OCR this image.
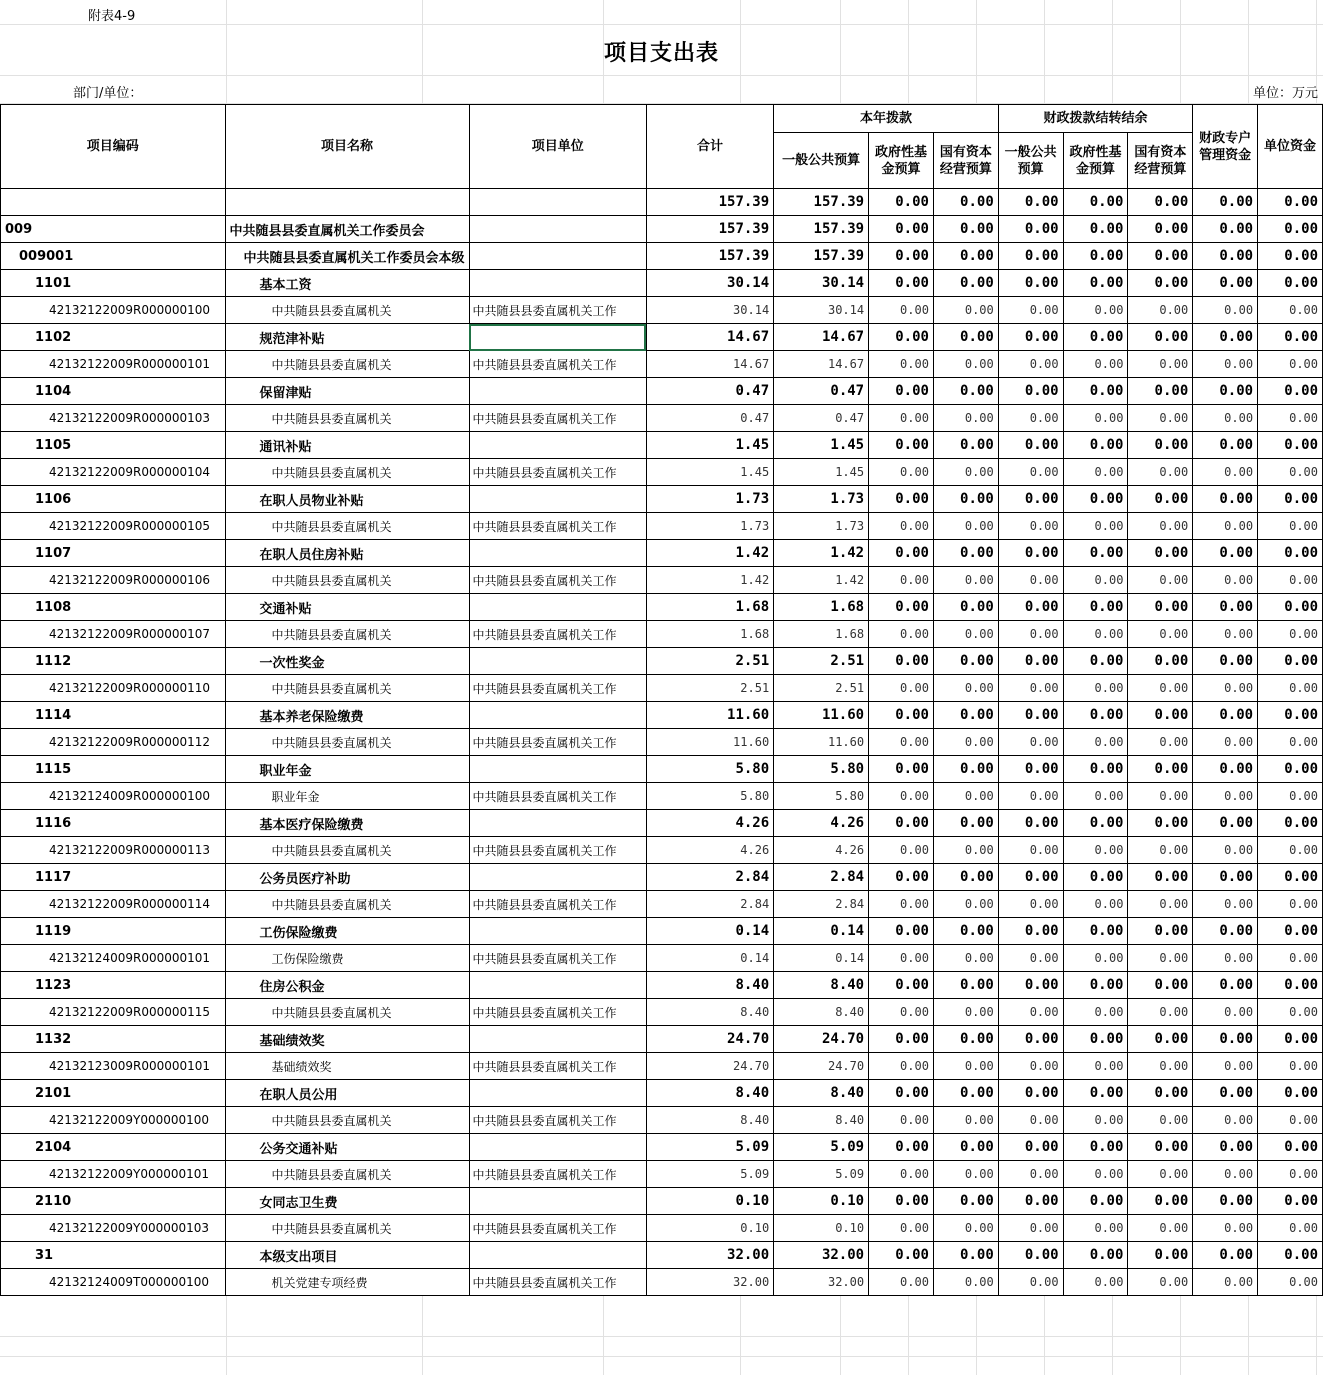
附表4-9
项目支出表
部门/单位：	单位：万元
项目编码	项目名称	项目单位	合计	本年拨款			财政拨款结转结余			财政专户管理资金	单位资金
				一般公共预算	政府性基金预算	国有资本经营预算	一般公共预算	政府性基金预算	国有资本经营预算		
			157.39	157.39	0.00	0.00	0.00	0.00	0.00	0.00	0.00
009	中共随县县委直属机关工作委员会		157.39	157.39	0.00	0.00	0.00	0.00	0.00	0.00	0.00
009001	中共随县县委直属机关工作委员会本级		157.39	157.39	0.00	0.00	0.00	0.00	0.00	0.00	0.00
1101	基本工资		30.14	30.14	0.00	0.00	0.00	0.00	0.00	0.00	0.00
42132122009R000000100	中共随县县委直属机关	中共随县县委直属机关工作	30.14	30.14	0.00	0.00	0.00	0.00	0.00	0.00	0.00
1102	规范津补贴		14.67	14.67	0.00	0.00	0.00	0.00	0.00	0.00	0.00
42132122009R000000101	中共随县县委直属机关	中共随县县委直属机关工作	14.67	14.67	0.00	0.00	0.00	0.00	0.00	0.00	0.00
1104	保留津贴		0.47	0.47	0.00	0.00	0.00	0.00	0.00	0.00	0.00
42132122009R000000103	中共随县县委直属机关	中共随县县委直属机关工作	0.47	0.47	0.00	0.00	0.00	0.00	0.00	0.00	0.00
1105	通讯补贴		1.45	1.45	0.00	0.00	0.00	0.00	0.00	0.00	0.00
42132122009R000000104	中共随县县委直属机关	中共随县县委直属机关工作	1.45	1.45	0.00	0.00	0.00	0.00	0.00	0.00	0.00
1106	在职人员物业补贴		1.73	1.73	0.00	0.00	0.00	0.00	0.00	0.00	0.00
42132122009R000000105	中共随县县委直属机关	中共随县县委直属机关工作	1.73	1.73	0.00	0.00	0.00	0.00	0.00	0.00	0.00
1107	在职人员住房补贴		1.42	1.42	0.00	0.00	0.00	0.00	0.00	0.00	0.00
42132122009R000000106	中共随县县委直属机关	中共随县县委直属机关工作	1.42	1.42	0.00	0.00	0.00	0.00	0.00	0.00	0.00
1108	交通补贴		1.68	1.68	0.00	0.00	0.00	0.00	0.00	0.00	0.00
42132122009R000000107	中共随县县委直属机关	中共随县县委直属机关工作	1.68	1.68	0.00	0.00	0.00	0.00	0.00	0.00	0.00
1112	一次性奖金		2.51	2.51	0.00	0.00	0.00	0.00	0.00	0.00	0.00
42132122009R000000110	中共随县县委直属机关	中共随县县委直属机关工作	2.51	2.51	0.00	0.00	0.00	0.00	0.00	0.00	0.00
1114	基本养老保险缴费		11.60	11.60	0.00	0.00	0.00	0.00	0.00	0.00	0.00
42132122009R000000112	中共随县县委直属机关	中共随县县委直属机关工作	11.60	11.60	0.00	0.00	0.00	0.00	0.00	0.00	0.00
1115	职业年金		5.80	5.80	0.00	0.00	0.00	0.00	0.00	0.00	0.00
42132124009R000000100	职业年金	中共随县县委直属机关工作	5.80	5.80	0.00	0.00	0.00	0.00	0.00	0.00	0.00
1116	基本医疗保险缴费		4.26	4.26	0.00	0.00	0.00	0.00	0.00	0.00	0.00
42132122009R000000113	中共随县县委直属机关	中共随县县委直属机关工作	4.26	4.26	0.00	0.00	0.00	0.00	0.00	0.00	0.00
1117	公务员医疗补助		2.84	2.84	0.00	0.00	0.00	0.00	0.00	0.00	0.00
42132122009R000000114	中共随县县委直属机关	中共随县县委直属机关工作	2.84	2.84	0.00	0.00	0.00	0.00	0.00	0.00	0.00
1119	工伤保险缴费		0.14	0.14	0.00	0.00	0.00	0.00	0.00	0.00	0.00
42132124009R000000101	工伤保险缴费	中共随县县委直属机关工作	0.14	0.14	0.00	0.00	0.00	0.00	0.00	0.00	0.00
1123	住房公积金		8.40	8.40	0.00	0.00	0.00	0.00	0.00	0.00	0.00
42132122009R000000115	中共随县县委直属机关	中共随县县委直属机关工作	8.40	8.40	0.00	0.00	0.00	0.00	0.00	0.00	0.00
1132	基础绩效奖		24.70	24.70	0.00	0.00	0.00	0.00	0.00	0.00	0.00
42132123009R000000101	基础绩效奖	中共随县县委直属机关工作	24.70	24.70	0.00	0.00	0.00	0.00	0.00	0.00	0.00
2101	在职人员公用		8.40	8.40	0.00	0.00	0.00	0.00	0.00	0.00	0.00
42132122009Y000000100	中共随县县委直属机关	中共随县县委直属机关工作	8.40	8.40	0.00	0.00	0.00	0.00	0.00	0.00	0.00
2104	公务交通补贴		5.09	5.09	0.00	0.00	0.00	0.00	0.00	0.00	0.00
42132122009Y000000101	中共随县县委直属机关	中共随县县委直属机关工作	5.09	5.09	0.00	0.00	0.00	0.00	0.00	0.00	0.00
2110	女同志卫生费		0.10	0.10	0.00	0.00	0.00	0.00	0.00	0.00	0.00
42132122009Y000000103	中共随县县委直属机关	中共随县县委直属机关工作	0.10	0.10	0.00	0.00	0.00	0.00	0.00	0.00	0.00
31	本级支出项目		32.00	32.00	0.00	0.00	0.00	0.00	0.00	0.00	0.00
42132124009T000000100	机关党建专项经费	中共随县县委直属机关工作	32.00	32.00	0.00	0.00	0.00	0.00	0.00	0.00	0.00
